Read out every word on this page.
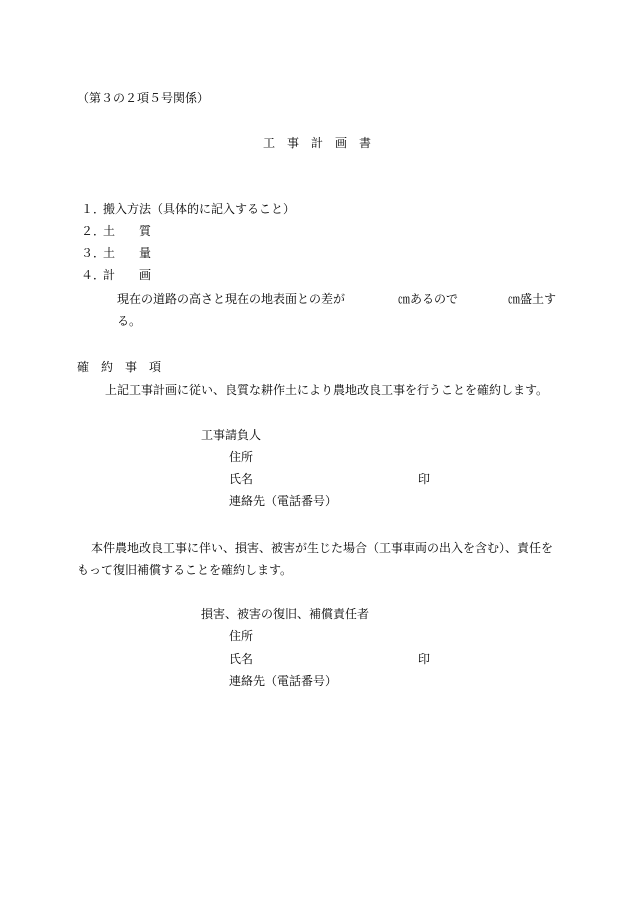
（第３の２項５号関係）
工　事　計　画　書
１．
搬入方法（具体的に記入すること）
２．
土　　質
３．
土　　量
４．
計　　画
現在の道路の高さと現在の地表面との差が	㎝あるので	㎝盛土す
る。
確　約　事　項
上記工事計画に従い、良質な耕作土により農地改良工事を行うことを確約します。
工事請負人
住所
氏名	印
連絡先（電話番号）
本件農地改良工事に伴い、損害、被害が生じた場合（工事車両の出入を含む）、責任を
もって復旧補償することを確約します。
損害、被害の復旧、補償責任者
住所
氏名	印
連絡先（電話番号）
